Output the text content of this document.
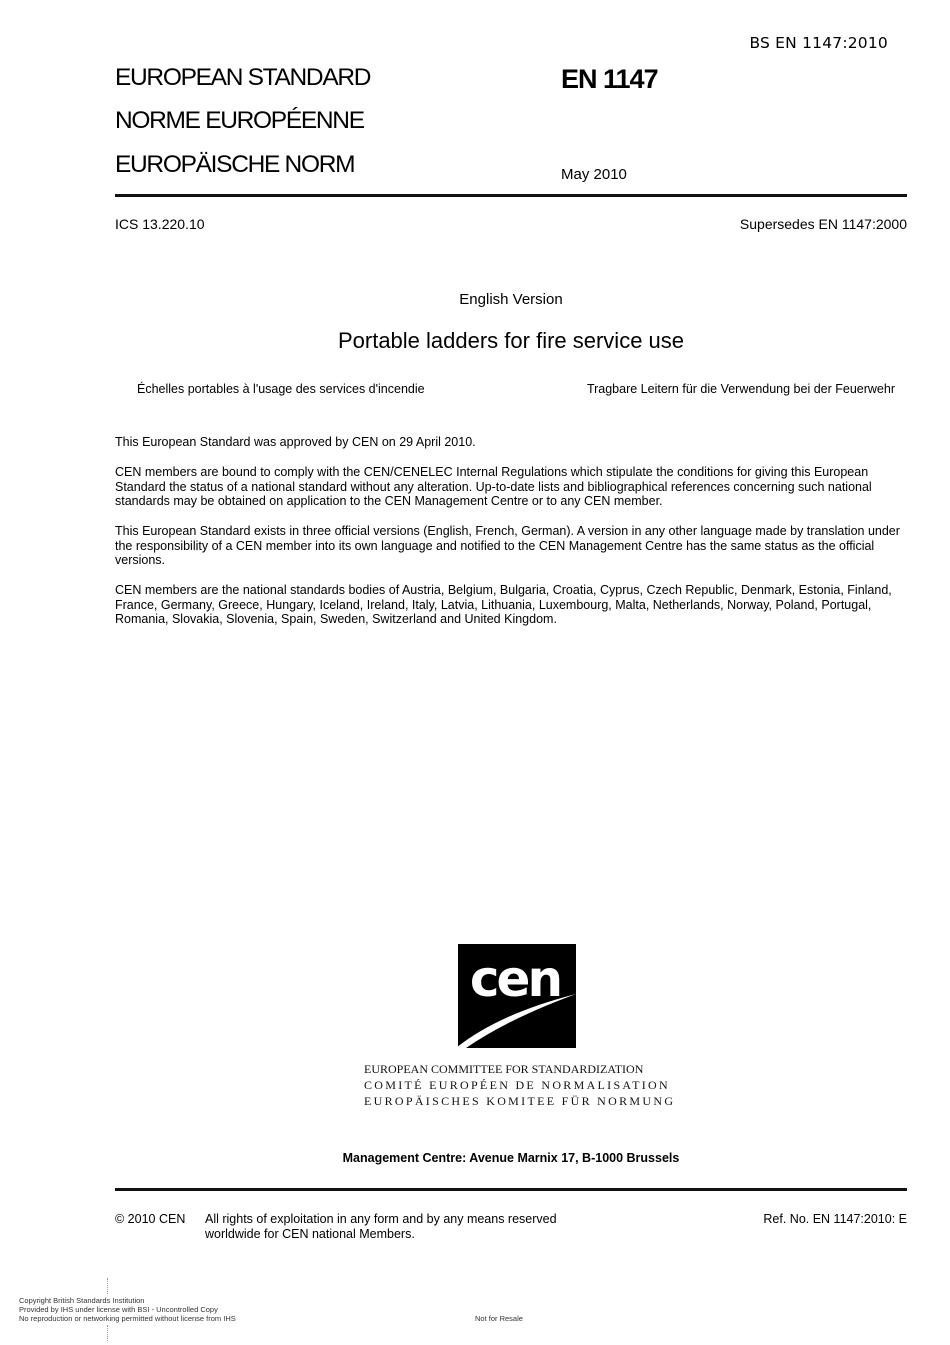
BS EN 1147:2010
EUROPEAN STANDARD
NORME EUROPÉENNE
EUROPÄISCHE NORM
EN 1147
May 2010
ICS 13.220.10	Supersedes EN 1147:2000
English Version
Portable ladders for fire service use
Échelles portables à l'usage des services d'incendie	Tragbare Leitern für die Verwendung bei der Feuerwehr
This European Standard was approved by CEN on 29 April 2010.
CEN members are bound to comply with the CEN/CENELEC Internal Regulations which stipulate the conditions for giving this European Standard the status of a national standard without any alteration. Up-to-date lists and bibliographical references concerning such national standards may be obtained on application to the CEN Management Centre or to any CEN member.
This European Standard exists in three official versions (English, French, German). A version in any other language made by translation under the responsibility of a CEN member into its own language and notified to the CEN Management Centre has the same status as the official versions.
CEN members are the national standards bodies of Austria, Belgium, Bulgaria, Croatia, Cyprus, Czech Republic, Denmark, Estonia, Finland, France, Germany, Greece, Hungary, Iceland, Ireland, Italy, Latvia, Lithuania, Luxembourg, Malta, Netherlands, Norway, Poland, Portugal, Romania, Slovakia, Slovenia, Spain, Sweden, Switzerland and United Kingdom.
cen
EUROPEAN COMMITTEE FOR STANDARDIZATION
COMITÉ EUROPÉEN DE NORMALISATION
EUROPÄISCHES KOMITEE FÜR NORMUNG
Management Centre: Avenue Marnix 17, B-1000 Brussels
© 2010 CEN All rights of exploitation in any form and by any means reserved
worldwide for CEN national Members.
Ref. No. EN 1147:2010: E
Copyright British Standards Institution
Provided by IHS under license with BSI - Uncontrolled Copy
No reproduction or networking permitted without license from IHS	Not for Resale
